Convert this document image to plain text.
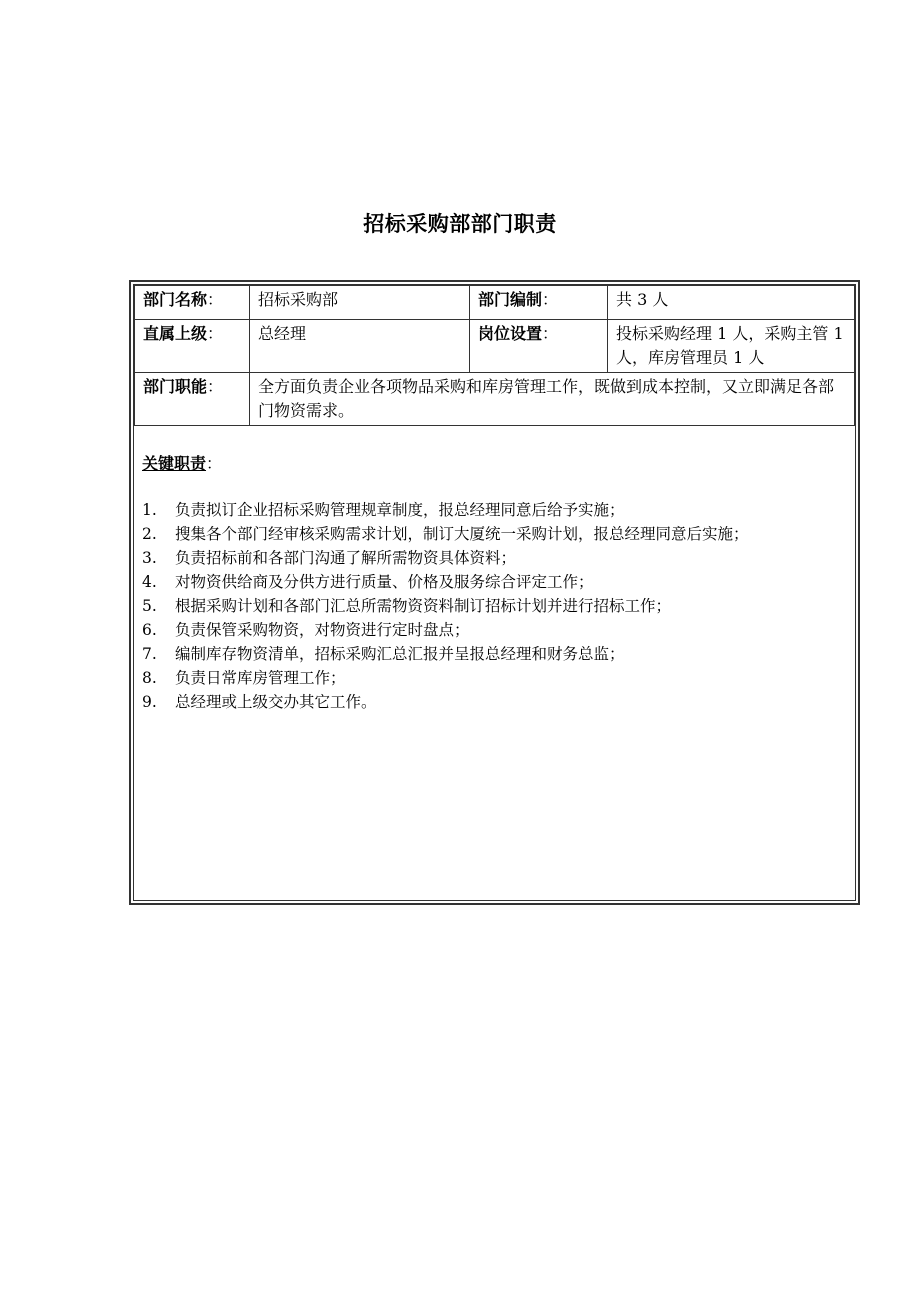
招标采购部部门职责
部门名称：	招标采购部	部门编制：	共 3 人
直属上级：	总经理	岗位设置：	投标采购经理 1 人，采购主管 1 人，库房管理员 1 人
部门职能：	全方面负责企业各项物品采购和库房管理工作，既做到成本控制，又立即满足各部门物资需求。		
关键职责：
1.	负责拟订企业招标采购管理规章制度，报总经理同意后给予实施；
2.	搜集各个部门经审核采购需求计划，制订大厦统一采购计划，报总经理同意后实施；
3.	负责招标前和各部门沟通了解所需物资具体资料；
4.	对物资供给商及分供方进行质量、价格及服务综合评定工作；
5.	根据采购计划和各部门汇总所需物资资料制订招标计划并进行招标工作；
6.	负责保管采购物资，对物资进行定时盘点；
7.	编制库存物资清单，招标采购汇总汇报并呈报总经理和财务总监；
8.	负责日常库房管理工作；
9.	总经理或上级交办其它工作。
